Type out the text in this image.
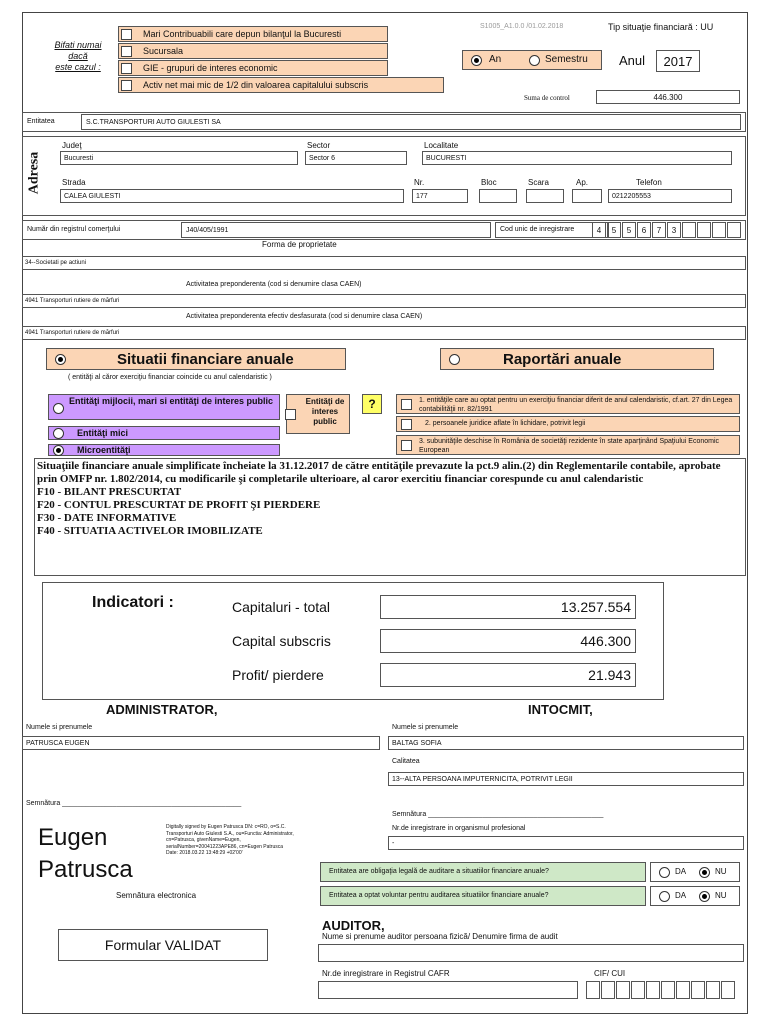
Bifati numai
dacă
este cazul :
Mari Contribuabili care depun bilanţul la Bucuresti
Sucursala
GIE - grupuri de interes economic
Activ net mai mic de 1/2 din valoarea capitalului subscris
S1005_A1.0.0 /01.02.2018	Tip situaţie financiară : UU
An	Semestru Anul	2017
Suma de control	446.300
Entitatea	S.C.TRANSPORTURI AUTO GIULESTI SA
Adresa
Judeţ
Bucuresti
Sector
Sector 6
Localitate
BUCURESTI
Strada
CALEA GIULESTI
Nr.
177
Bloc	Scara	Ap.	Telefon
0212205553
Număr din registrul comerţului	J40/405/1991	Cod unic de inregistrare	4	5	5	6	7	3
Forma de proprietate
34--Societati pe actiuni
Activitatea preponderenta (cod si denumire clasa CAEN)
4941 Transporturi rutiere de mărfuri
Activitatea preponderenta efectiv desfasurata (cod si denumire clasa CAEN)
4941 Transporturi rutiere de mărfuri
Situatii financiare anuale
( entităţi al căror exerciţiu financiar coincide cu anul calendaristic )
Raportări anuale
Entităţi mijlocii, mari si entităţi de interes public
Entităţi mici
Microentităţi
Entităţi de interes public
?	1. entităţile care au optat pentru un exerciţiu financiar diferit de anul calendaristic, cf.art. 27 din Legea contabilităţii nr. 82/1991
2. persoanele juridice aflate în lichidare, potrivit legii
3. subunităţile deschise în România de societăţi rezidente în state aparţinând Spaţiului Economic European
Situaţiile financiare anuale simplificate încheiate la 31.12.2017 de către entităţile prevazute la pct.9 alin.(2) din Reglementarile contabile, aprobate prin OMFP nr. 1.802/2014, cu modificarile şi completarile ulterioare, al caror exercitiu financiar corespunde cu anul calendaristic
F10 - BILANT PRESCURTAT
F20 - CONTUL PRESCURTAT DE PROFIT ŞI PIERDERE
F30 - DATE INFORMATIVE
F40 - SITUATIA ACTIVELOR IMOBILIZATE
Indicatori :	Capitaluri - total	13.257.554
Capital subscris	446.300
Profit/ pierdere	21.943
ADMINISTRATOR,
Numele si prenumele
PATRUSCA EUGEN
Semnătura ______________________________________________
Eugen
Patrusca
Digitally signed by Eugen Patrusca DN: c=RO, o=S.C. Transporturi Auto Giulesti S.A., ou=Functia: Administrator, cn=Patrusca, givenName=Eugen, serialNumber=20041223APE86, cn=Eugen Patrusca Date: 2018.03.22 13:48:29 +02'00'
Semnătura electronica
Formular VALIDAT
INTOCMIT,
Numele si prenumele
BALTAG SOFIA
Calitatea
13--ALTA PERSOANA IMPUTERNICITA, POTRIVIT LEGII
Semnătura _____________________________________________
Nr.de inregistrare in organismul profesional
-
Entitatea are obligaţia legală de auditare a situatiilor financiare anuale?	DA	NU
Entitatea a optat voluntar pentru auditarea situatiilor financiare anuale?	DA	NU
AUDITOR,
Nume si prenume auditor persoana fizică/ Denumire firma de audit
Nr.de inregistrare in Registrul CAFR	CIF/ CUI
